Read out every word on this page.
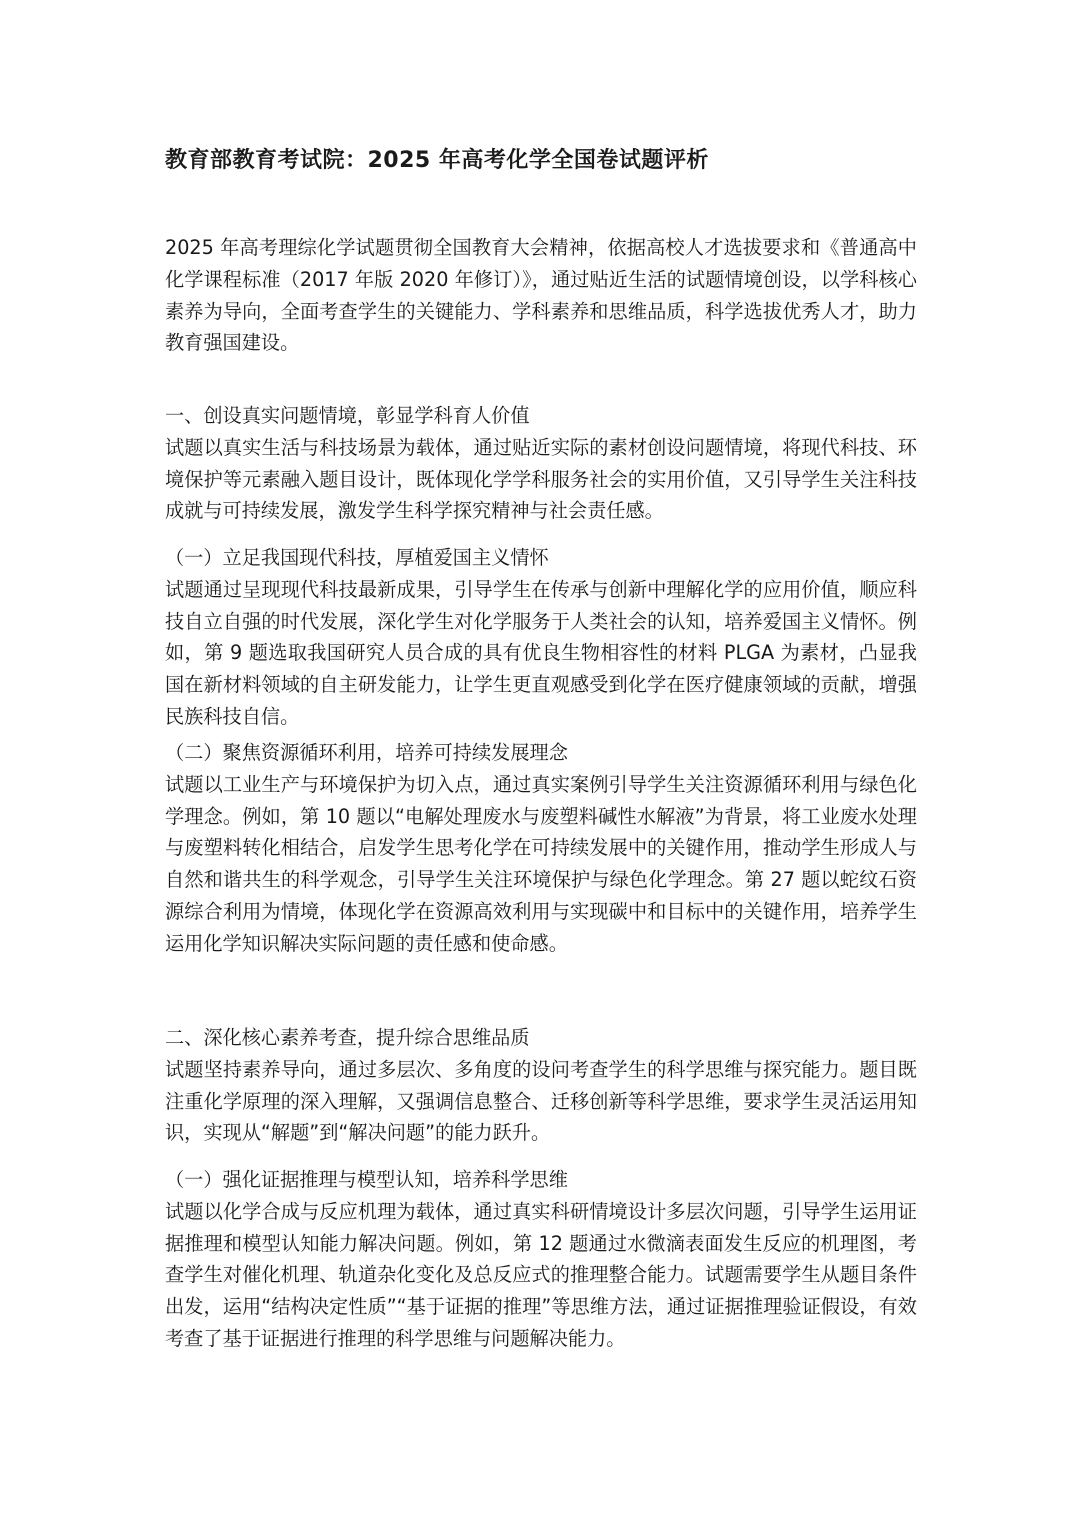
教育部教育考试院：2025 年高考化学全国卷试题评析

2025 年高考理综化学试题贯彻全国教育大会精神，依据高校人才选拔要求和《普通高中化学课程标准（2017 年版 2020 年修订）》，通过贴近生活的试题情境创设，以学科核心素养为导向，全面考查学生的关键能力、学科素养和思维品质，科学选拔优秀人才，助力教育强国建设。

一、创设真实问题情境，彰显学科育人价值
试题以真实生活与科技场景为载体，通过贴近实际的素材创设问题情境，将现代科技、环境保护等元素融入题目设计，既体现化学学科服务社会的实用价值，又引导学生关注科技成就与可持续发展，激发学生科学探究精神与社会责任感。
（一）立足我国现代科技，厚植爱国主义情怀
试题通过呈现现代科技最新成果，引导学生在传承与创新中理解化学的应用价值，顺应科技自立自强的时代发展，深化学生对化学服务于人类社会的认知，培养爱国主义情怀。例如，第 9 题选取我国研究人员合成的具有优良生物相容性的材料 PLGA 为素材，凸显我国在新材料领域的自主研发能力，让学生更直观感受到化学在医疗健康领域的贡献，增强民族科技自信。
（二）聚焦资源循环利用，培养可持续发展理念
试题以工业生产与环境保护为切入点，通过真实案例引导学生关注资源循环利用与绿色化学理念。例如，第 10 题以“电解处理废水与废塑料碱性水解液”为背景，将工业废水处理与废塑料转化相结合，启发学生思考化学在可持续发展中的关键作用，推动学生形成人与自然和谐共生的科学观念，引导学生关注环境保护与绿色化学理念。第 27 题以蛇纹石资源综合利用为情境，体现化学在资源高效利用与实现碳中和目标中的关键作用，培养学生运用化学知识解决实际问题的责任感和使命感。
二、深化核心素养考查，提升综合思维品质
试题坚持素养导向，通过多层次、多角度的设问考查学生的科学思维与探究能力。题目既注重化学原理的深入理解，又强调信息整合、迁移创新等科学思维，要求学生灵活运用知识，实现从“解题”到“解决问题”的能力跃升。
（一）强化证据推理与模型认知，培养科学思维
试题以化学合成与反应机理为载体，通过真实科研情境设计多层次问题，引导学生运用证据推理和模型认知能力解决问题。例如，第 12 题通过水微滴表面发生反应的机理图，考查学生对催化机理、轨道杂化变化及总反应式的推理整合能力。试题需要学生从题目条件出发，运用“结构决定性质”“基于证据的推理”等思维方法，通过证据推理验证假设，有效考查了基于证据进行推理的科学思维与问题解决能力。
